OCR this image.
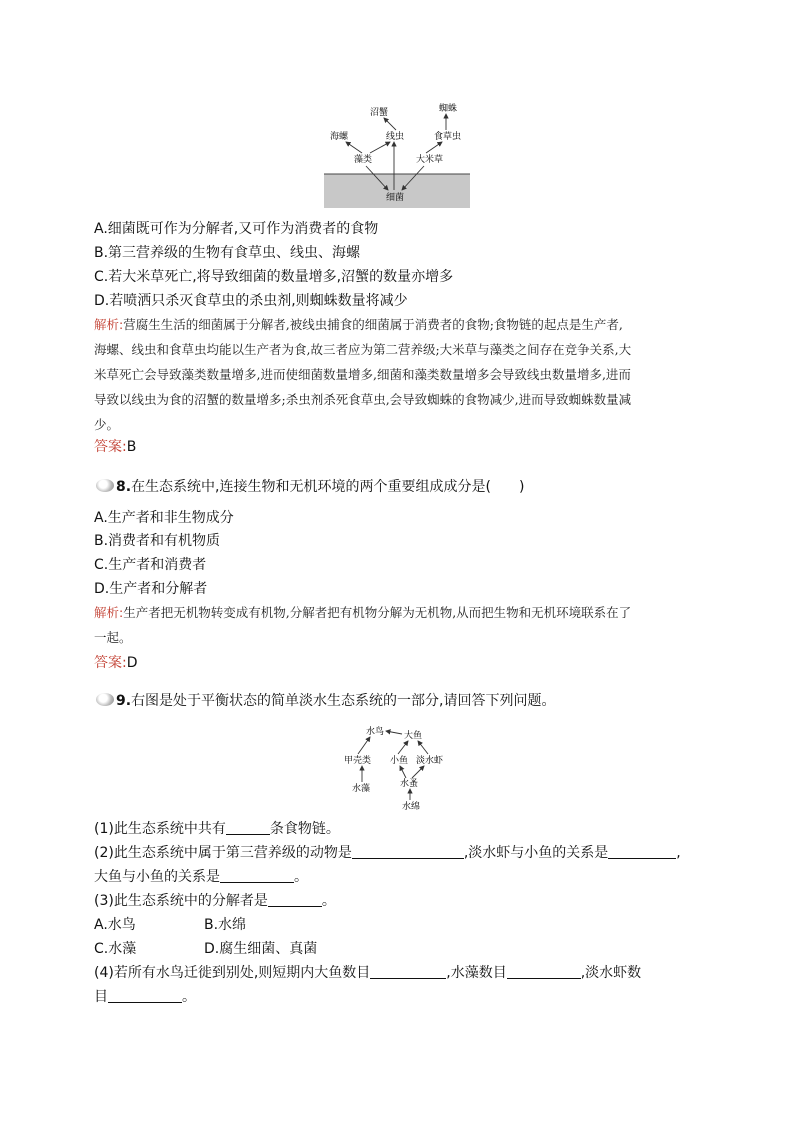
沼蟹	蜘蛛
海螺	线虫	食草虫
藻类	大米草
细菌
A.细菌既可作为分解者,又可作为消费者的食物
B.第三营养级的生物有食草虫、线虫、海螺
C.若大米草死亡,将导致细菌的数量增多,沼蟹的数量亦增多
D.若喷洒只杀灭食草虫的杀虫剂,则蜘蛛数量将减少
解析:营腐生生活的细菌属于分解者,被线虫捕食的细菌属于消费者的食物;食物链的起点是生产者,
海螺、线虫和食草虫均能以生产者为食,故三者应为第二营养级;大米草与藻类之间存在竞争关系,大
米草死亡会导致藻类数量增多,进而使细菌数量增多,细菌和藻类数量增多会导致线虫数量增多,进而
导致以线虫为食的沼蟹的数量增多;杀虫剂杀死食草虫,会导致蜘蛛的食物减少,进而导致蜘蛛数量减
少。
答案:B
8.在生态系统中,连接生物和无机环境的两个重要组成成分是(　　)
A.生产者和非生物成分
B.消费者和有机物质
C.生产者和消费者
D.生产者和分解者
解析:生产者把无机物转变成有机物,分解者把有机物分解为无机物,从而把生物和无机环境联系在了
一起。
答案:D
9.右图是处于平衡状态的简单淡水生态系统的一部分,请回答下列问题。
水鸟 大鱼
甲壳类 小鱼 淡水虾
水蚤
水藻
水绵
(1)此生态系统中共有	条食物链。
(2)此生态系统中属于第三营养级的动物是	,淡水虾与小鱼的关系是	,
大鱼与小鱼的关系是	。
(3)此生态系统中的分解者是	。
A.水鸟	B.水绵
C.水藻	D.腐生细菌、真菌
(4)若所有水鸟迁徙到别处,则短期内大鱼数目	,水藻数目	,淡水虾数
目	。
